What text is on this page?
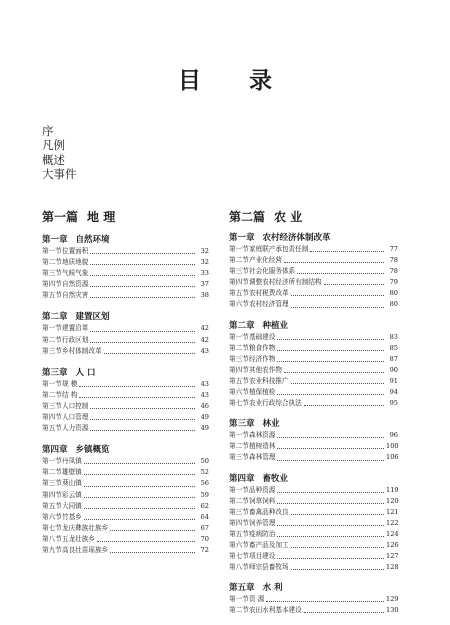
目 录
序
凡例
概述
大事件
第一篇 地 理
第一章 自然环境
第一节 位置面积	32
第二节 地质地貌	32
第三节 气候气象	33
第四节 自然资源	37
第五节 自然灾害	38
第二章 建置区划
第一节 建置沿革	42
第二节 行政区划	42
第三节 乡村体制改革	43
第三章 人 口
第一节 规 模	43
第二节 结 构	43
第三节 人口控制	46
第四节 人口管理	49
第五节 人力资源	49
第四章 乡镇概览
第一节 丹凤镇	50
第二节 雄壁镇	52
第三节 葵山镇	56
第四节 彩云镇	59
第五节 大同镇	62
第六节 竹基乡	64
第七节 龙庆彝族壮族乡	67
第八节 五龙壮族乡	70
第九节 高良壮苗瑶族乡	72
第二篇 农 业
第一章 农村经济体制改革
第一节 家庭联产承包责任制	77
第二节 产业化经营	78
第三节 社会化服务体系	78
第四节 调整农村经济所有制结构	79
第五节 农村税费改革	80
第六节 农村经济管理	80
第二章 种植业
第一节 基础建设	83
第二节 粮食作物	85
第三节 经济作物	87
第四节 其他农作物	90
第五节 农业科技推广	91
第六节 植保植检	94
第七节 农业行政综合执法	95
第三章 林业
第一节 森林资源	96
第二节 植树造林	100
第三节 森林管理	106
第四章 畜牧业
第一节 品种资源	119
第二节 饲草饲料	120
第三节 畜禽品种改良	121
第四节 饲养管理	122
第五节 疫病防治	124
第六节 畜产品及加工	126
第七节 项目建设	127
第八节 师宗县畜牧场	128
第五章 水 利
第一节 资 源	129
第二节 农田水利基本建设	130
